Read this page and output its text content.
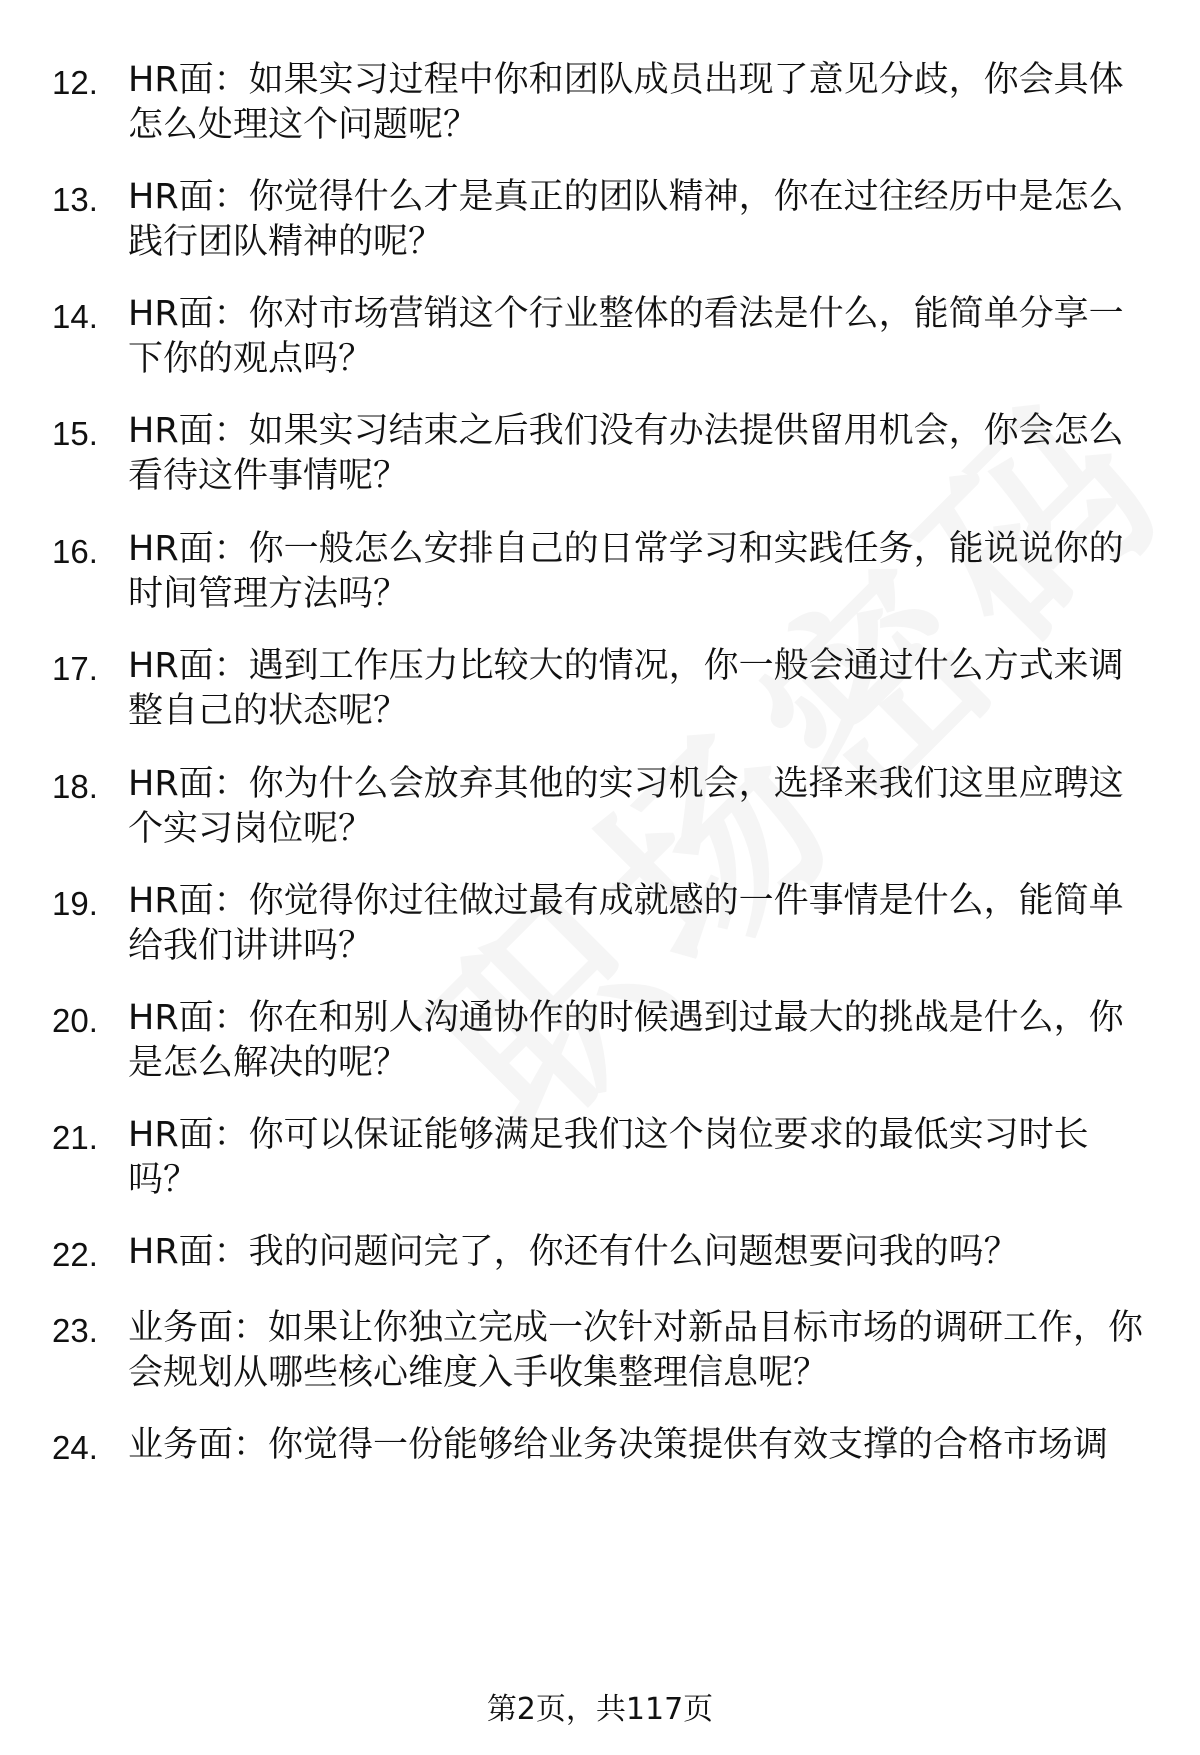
12. HR面：如果实习过程中你和团队成员出现了意见分歧，你会具体怎么处理这个问题呢？
13. HR面：你觉得什么才是真正的团队精神，你在过往经历中是怎么践行团队精神的呢？
14. HR面：你对市场营销这个行业整体的看法是什么，能简单分享一下你的观点吗？
15. HR面：如果实习结束之后我们没有办法提供留用机会，你会怎么看待这件事情呢？
16. HR面：你一般怎么安排自己的日常学习和实践任务，能说说你的时间管理方法吗？
17. HR面：遇到工作压力比较大的情况，你一般会通过什么方式来调整自己的状态呢？
18. HR面：你为什么会放弃其他的实习机会，选择来我们这里应聘这个实习岗位呢？
19. HR面：你觉得你过往做过最有成就感的一件事情是什么，能简单给我们讲讲吗？
20. HR面：你在和别人沟通协作的时候遇到过最大的挑战是什么，你是怎么解决的呢？
21. HR面：你可以保证能够满足我们这个岗位要求的最低实习时长吗？
22. HR面：我的问题问完了，你还有什么问题想要问我的吗？
23. 业务面：如果让你独立完成一次针对新品目标市场的调研工作，你会规划从哪些核心维度入手收集整理信息呢？
24. 业务面：你觉得一份能够给业务决策提供有效支撑的合格市场调
第2页，共117页
